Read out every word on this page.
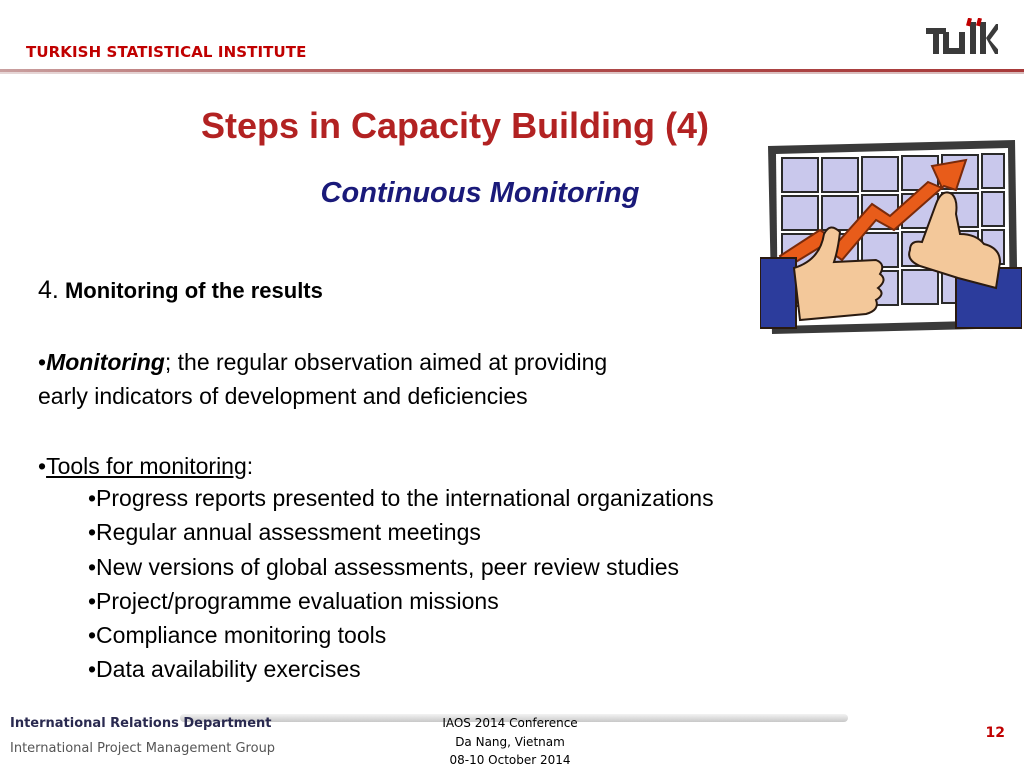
TURKISH STATISTICAL INSTITUTE
Steps in Capacity Building (4)
Continuous Monitoring
4. Monitoring of the results
•Monitoring; the regular observation aimed at providing
early indicators of development and deficiencies
•Tools for monitoring:
•Progress reports presented to the international organizations
•Regular annual assessment meetings
•New versions of global assessments, peer review studies
•Project/programme evaluation missions
•Compliance monitoring tools
•Data availability exercises
International Relations Department
International Project Management Group
IAOS 2014 Conference
Da Nang, Vietnam
08-10 October 2014
12
